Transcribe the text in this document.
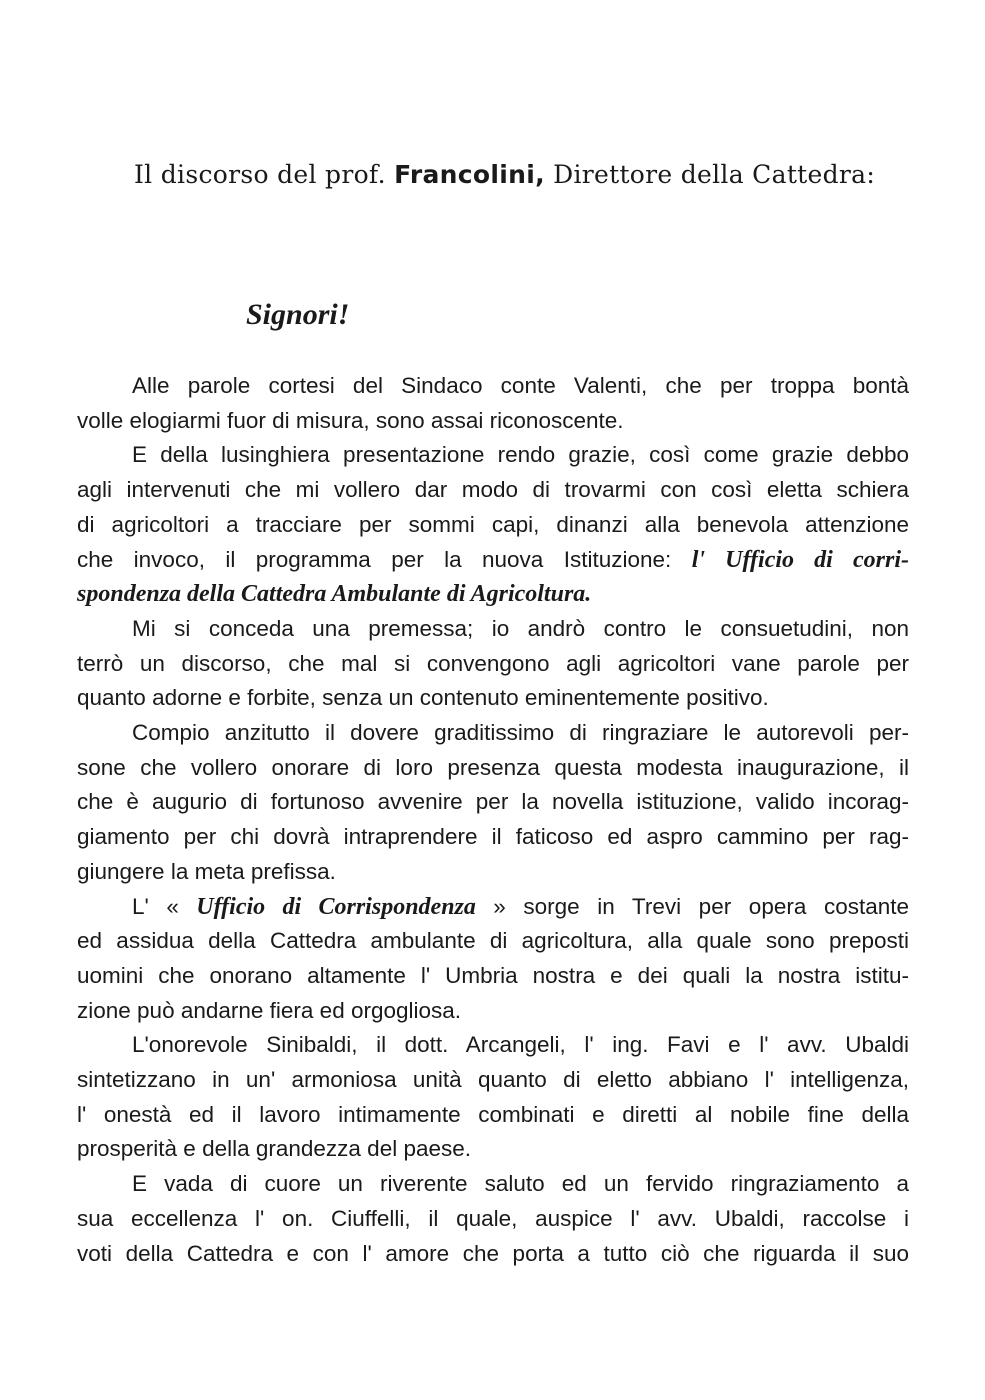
Il discorso del prof. Francolini, Direttore della Cattedra:
Signori!
Alle parole cortesi del Sindaco conte Valenti, che per troppa bontà
volle elogiarmi fuor di misura, sono assai riconoscente.
E della lusinghiera presentazione rendo grazie, così come grazie debbo
agli intervenuti che mi vollero dar modo di trovarmi con così eletta schiera
di agricoltori a tracciare per sommi capi, dinanzi alla benevola attenzione
che invoco, il programma per la nuova Istituzione: l' Ufficio di corri-
spondenza della Cattedra Ambulante di Agricoltura.
Mi si conceda una premessa; io andrò contro le consuetudini, non
terrò un discorso, che mal si convengono agli agricoltori vane parole per
quanto adorne e forbite, senza un contenuto eminentemente positivo.
Compio anzitutto il dovere graditissimo di ringraziare le autorevoli per-
sone che vollero onorare di loro presenza questa modesta inaugurazione, il
che è augurio di fortunoso avvenire per la novella istituzione, valido incorag-
giamento per chi dovrà intraprendere il faticoso ed aspro cammino per rag-
giungere la meta prefissa.
L' « Ufficio di Corrispondenza » sorge in Trevi per opera costante
ed assidua della Cattedra ambulante di agricoltura, alla quale sono preposti
uomini che onorano altamente l' Umbria nostra e dei quali la nostra istitu-
zione può andarne fiera ed orgogliosa.
L'onorevole Sinibaldi, il dott. Arcangeli, l' ing. Favi e l' avv. Ubaldi
sintetizzano in un' armoniosa unità quanto di eletto abbiano l' intelligenza,
l' onestà ed il lavoro intimamente combinati e diretti al nobile fine della
prosperità e della grandezza del paese.
E vada di cuore un riverente saluto ed un fervido ringraziamento a
sua eccellenza l' on. Ciuffelli, il quale, auspice l' avv. Ubaldi, raccolse i
voti della Cattedra e con l' amore che porta a tutto ciò che riguarda il suo
